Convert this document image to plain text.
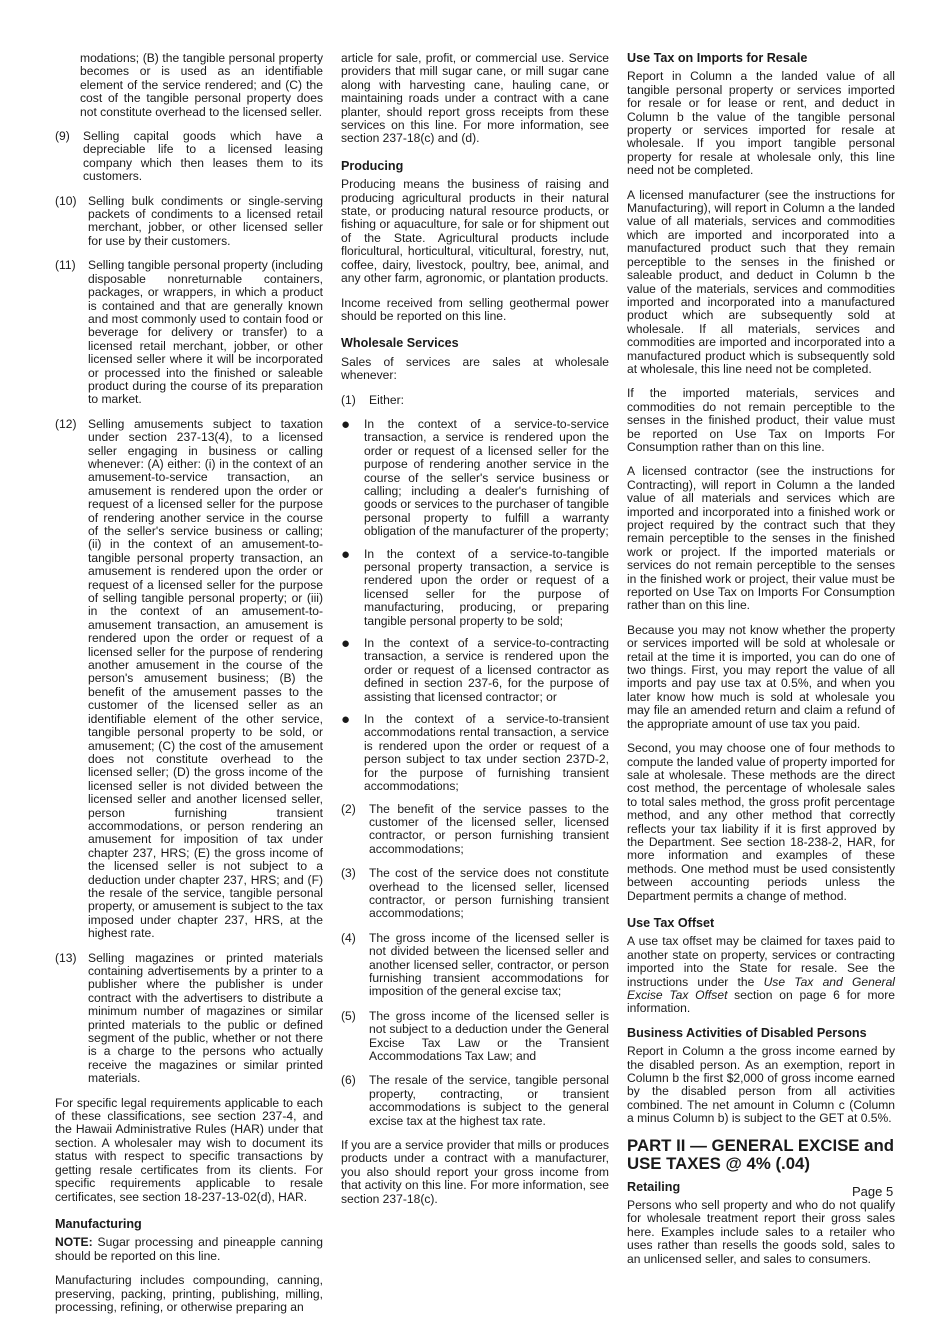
modations; (B) the tangible personal property becomes or is used as an identifiable element of the service rendered; and (C) the cost of the tangible personal property does not constitute overhead to the licensed seller.
(9)	Selling capital goods which have a depreciable life to a licensed leasing company which then leases them to its customers.
(10) Selling bulk condiments or single-serving packets of condiments to a licensed retail merchant, jobber, or other licensed seller for use by their customers.
(11)	Selling tangible personal property (including disposable nonreturnable containers, packages, or wrappers, in which a product is contained and that are generally known and most commonly used to contain food or beverage for delivery or transfer) to a licensed retail merchant, jobber, or other licensed seller where it will be incorporated or processed into the finished or saleable product during the course of its preparation to market.
(12) Selling amusements subject to taxation under section 237-13(4), to a licensed seller engaging in business or calling whenever: (A) either: (i) in the context of an amusement-to-service transaction, an amusement is rendered upon the order or request of a licensed seller for the purpose of rendering another service in the course of the seller's service business or calling; (ii) in the context of an amusement-to-tangible personal property transaction, an amusement is rendered upon the order or request of a licensed seller for the purpose of selling tangible personal property; or (iii) in the context of an amusement-to-amusement transaction, an amusement is rendered upon the order or request of a licensed seller for the purpose of rendering another amusement in the course of the person's amusement business; (B) the benefit of the amusement passes to the customer of the licensed seller as an identifiable element of the other service, tangible personal property to be sold, or amusement; (C) the cost of the amusement does not constitute overhead to the licensed seller; (D) the gross income of the licensed seller is not divided between the licensed seller and another licensed seller, person furnishing transient accommodations, or person rendering an amusement for imposition of tax under chapter 237, HRS; (E) the gross income of the licensed seller is not subject to a deduction under chapter 237, HRS; and (F) the resale of the service, tangible personal property, or amusement is subject to the tax imposed under chapter 237, HRS, at the highest rate.
(13) Selling magazines or printed materials containing advertisements by a printer to a publisher where the publisher is under contract with the advertisers to distribute a minimum number of magazines or similar printed materials to the public or defined segment of the public, whether or not there is a charge to the persons who actually receive the magazines or similar printed materials.

For specific legal requirements applicable to each of these classifications, see section 237-4, and the Hawaii Administrative Rules (HAR) under that section. A wholesaler may wish to document its status with respect to specific transactions by getting resale certificates from its clients. For specific requirements applicable to resale certificates, see section 18-237-13-02(d), HAR.

Manufacturing

NOTE: Sugar processing and pineapple canning should be reported on this line.

Manufacturing includes compounding, canning, preserving, packing, printing, publishing, milling, processing, refining, or otherwise preparing an

article for sale, profit, or commercial use. Service providers that mill sugar cane, or mill sugar cane along with harvesting cane, hauling cane, or maintaining roads under a contract with a cane planter, should report gross receipts from these services on this line. For more information, see section 237-18(c) and (d).

Producing

Producing means the business of raising and producing agricultural products in their natural state, or producing natural resource products, or fishing or aquaculture, for sale or for shipment out of the State. Agricultural products include floricultural, horticultural, viticultural, forestry, nut, coffee, dairy, livestock, poultry, bee, animal, and any other farm, agronomic, or plantation products.

Income received from selling geothermal power should be reported on this line.

Wholesale Services

Sales of services are sales at wholesale whenever:

(1)	Either:
●	In the context of a service-to-service transaction, a service is rendered upon the order or request of a licensed seller for the purpose of rendering another service in the course of the seller's service business or calling; including a dealer's furnishing of goods or services to the purchaser of tangible personal property to fulfill a warranty obligation of the manufacturer of the property;
●	In the context of a service-to-tangible personal property transaction, a service is rendered upon the order or request of a licensed seller for the purpose of manufacturing, producing, or preparing tangible personal property to be sold;
●	In the context of a service-to-contracting transaction, a service is rendered upon the order or request of a licensed contractor as defined in section 237-6, for the purpose of assisting that licensed contractor; or
●	In the context of a service-to-transient accommodations rental transaction, a service is rendered upon the order or request of a person subject to tax under section 237D-2, for the purpose of furnishing transient accommodations;
(2)	The benefit of the service passes to the customer of the licensed seller, licensed contractor, or person furnishing transient accommodations;
(3)	The cost of the service does not constitute overhead to the licensed seller, licensed contractor, or person furnishing transient accommodations;
(4)	The gross income of the licensed seller is not divided between the licensed seller and another licensed seller, contractor, or person furnishing transient accommodations for imposition of the general excise tax;
(5)	The gross income of the licensed seller is not subject to a deduction under the General Excise Tax Law or the Transient Accommodations Tax Law; and
(6)	The resale of the service, tangible personal property, contracting, or transient accommodations is subject to the general excise tax at the highest tax rate.

If you are a service provider that mills or produces products under a contract with a manufacturer, you also should report your gross income from that activity on this line. For more information, see section 237-18(c).

Use Tax on Imports for Resale

Report in Column a the landed value of all tangible personal property or services imported for resale or for lease or rent, and deduct in Column b the value of the tangible personal property or services imported for resale at wholesale. If you import tangible personal property for resale at wholesale only, this line need not be completed.

A licensed manufacturer (see the instructions for Manufacturing), will report in Column a the landed value of all materials, services and commodities which are imported and incorporated into a manufactured product such that they remain perceptible to the senses in the finished or saleable product, and deduct in Column b the value of the materials, services and commodities imported and incorporated into a manufactured product which are subsequently sold at wholesale. If all materials, services and commodities are imported and incorporated into a manufactured product which is subsequently sold at wholesale, this line need not be completed.

If the imported materials, services and commodities do not remain perceptible to the senses in the finished product, their value must be reported on Use Tax on Imports For Consumption rather than on this line.

A licensed contractor (see the instructions for Contracting), will report in Column a the landed value of all materials and services which are imported and incorporated into a finished work or project required by the contract such that they remain perceptible to the senses in the finished work or project. If the imported materials or services do not remain perceptible to the senses in the finished work or project, their value must be reported on Use Tax on Imports For Consumption rather than on this line.

Because you may not know whether the property or services imported will be sold at wholesale or retail at the time it is imported, you can do one of two things. First, you may report the value of all imports and pay use tax at 0.5%, and when you later know how much is sold at wholesale you may file an amended return and claim a refund of the appropriate amount of use tax you paid.

Second, you may choose one of four methods to compute the landed value of property imported for sale at wholesale. These methods are the direct cost method, the percentage of wholesale sales to total sales method, the gross profit percentage method, and any other method that correctly reflects your tax liability if it is first approved by the Department. See section 18-238-2, HAR, for more information and examples of these methods. One method must be used consistently between accounting periods unless the Department permits a change of method.

Use Tax Offset

A use tax offset may be claimed for taxes paid to another state on property, services or contracting imported into the State for resale. See the instructions under the Use Tax and General Excise Tax Offset section on page 6 for more information.

Business Activities of Disabled Persons

Report in Column a the gross income earned by the disabled person. As an exemption, report in Column b the first $2,000 of gross income earned by the disabled person from all activities combined. The net amount in Column c (Column a minus Column b) is subject to the GET at 0.5%.

PART II — GENERAL EXCISE and USE TAXES @ 4% (.04)
Retailing

Persons who sell property and who do not qualify for wholesale treatment report their gross sales here. Examples include sales to a retailer who uses rather than resells the goods sold, sales to an unlicensed seller, and sales to consumers.

Page 5
